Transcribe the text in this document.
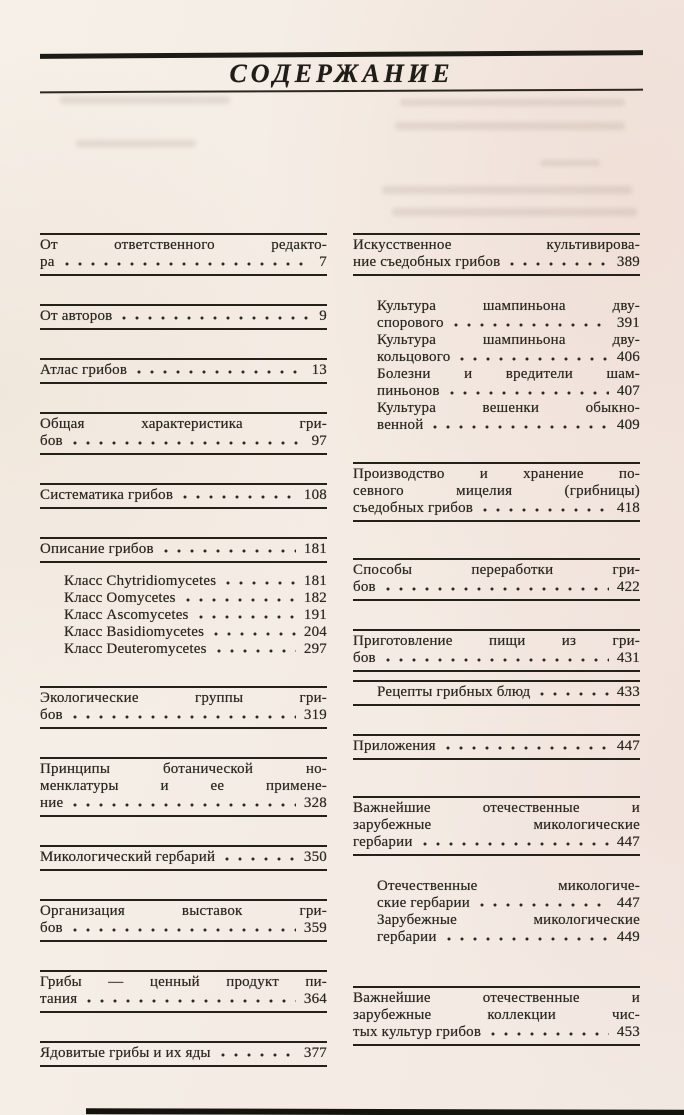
СОДЕРЖАНИЕ
От ответственного редакто-
ра	7
От авторов	9
Атлас грибов	13
Общая характеристика гри-
бов	97
Систематика грибов	108
Описание грибов	181
Класс Chytridiomycetes	181
Класс Oomycetes	182
Класс Ascomycetes	191
Класс Basidiomycetes	204
Класс Deuteromycetes	297
Экологические группы гри-
бов	319
Принципы ботанической но-
менклатуры и ее примене-
ние	328
Микологический гербарий	350
Организация выставок гри-
бов	359
Грибы — ценный продукт пи-
тания	364
Ядовитые грибы и их яды	377
Искусственное культивирова-
ние съедобных грибов	389
Культура шампиньона дву-
спорового	391
Культура шампиньона дву-
кольцового	406
Болезни и вредители шам-
пиньонов	407
Культура вешенки обыкно-
венной	409
Производство и хранение по-
севного мицелия (грибницы)
съедобных грибов	418
Способы переработки гри-
бов	422
Приготовление пищи из гри-
бов	431
Рецепты грибных блюд	433
Приложения	447
Важнейшие отечественные и
зарубежные микологические
гербарии	447
Отечественные микологиче-
ские гербарии	447
Зарубежные микологические
гербарии	449
Важнейшие отечественные и
зарубежные коллекции чис-
тых культур грибов	453
